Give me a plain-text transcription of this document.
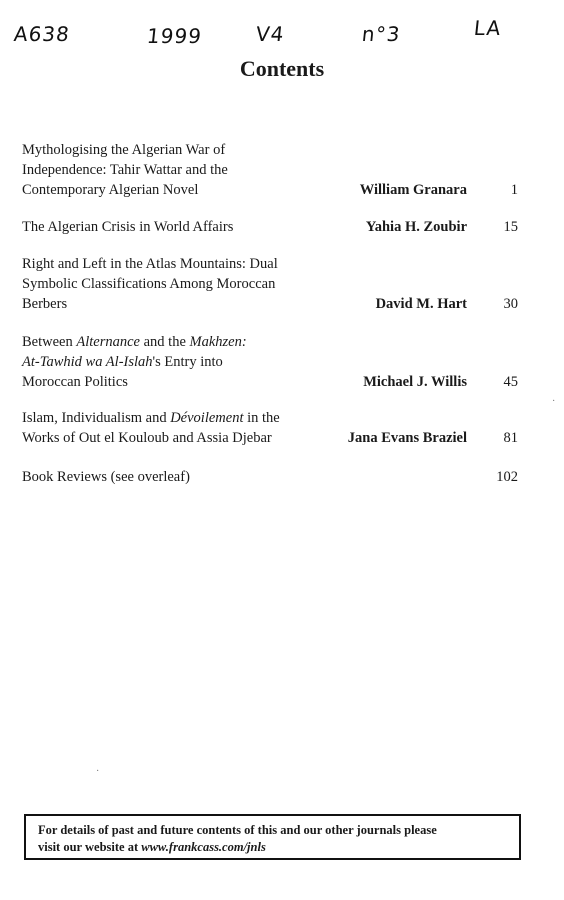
A638	1999	V4	n°3	LA
Contents
Mythologising the Algerian War of
Independence: Tahir Wattar and the
Contemporary Algerian Novel	William Granara	1
The Algerian Crisis in World Affairs	Yahia H. Zoubir	15
Right and Left in the Atlas Mountains: Dual
Symbolic Classifications Among Moroccan
Berbers	David M. Hart	30
Between Alternance and the Makhzen:
At-Tawhid wa Al-Islah's Entry into
Moroccan Politics	Michael J. Willis	45
Islam, Individualism and Dévoilement in the
Works of Out el Kouloub and Assia Djebar	Jana Evans Braziel	81
Book Reviews (see overleaf)	102
·
·
For details of past and future contents of this and our other journals please
visit our website at www.frankcass.com/jnls
